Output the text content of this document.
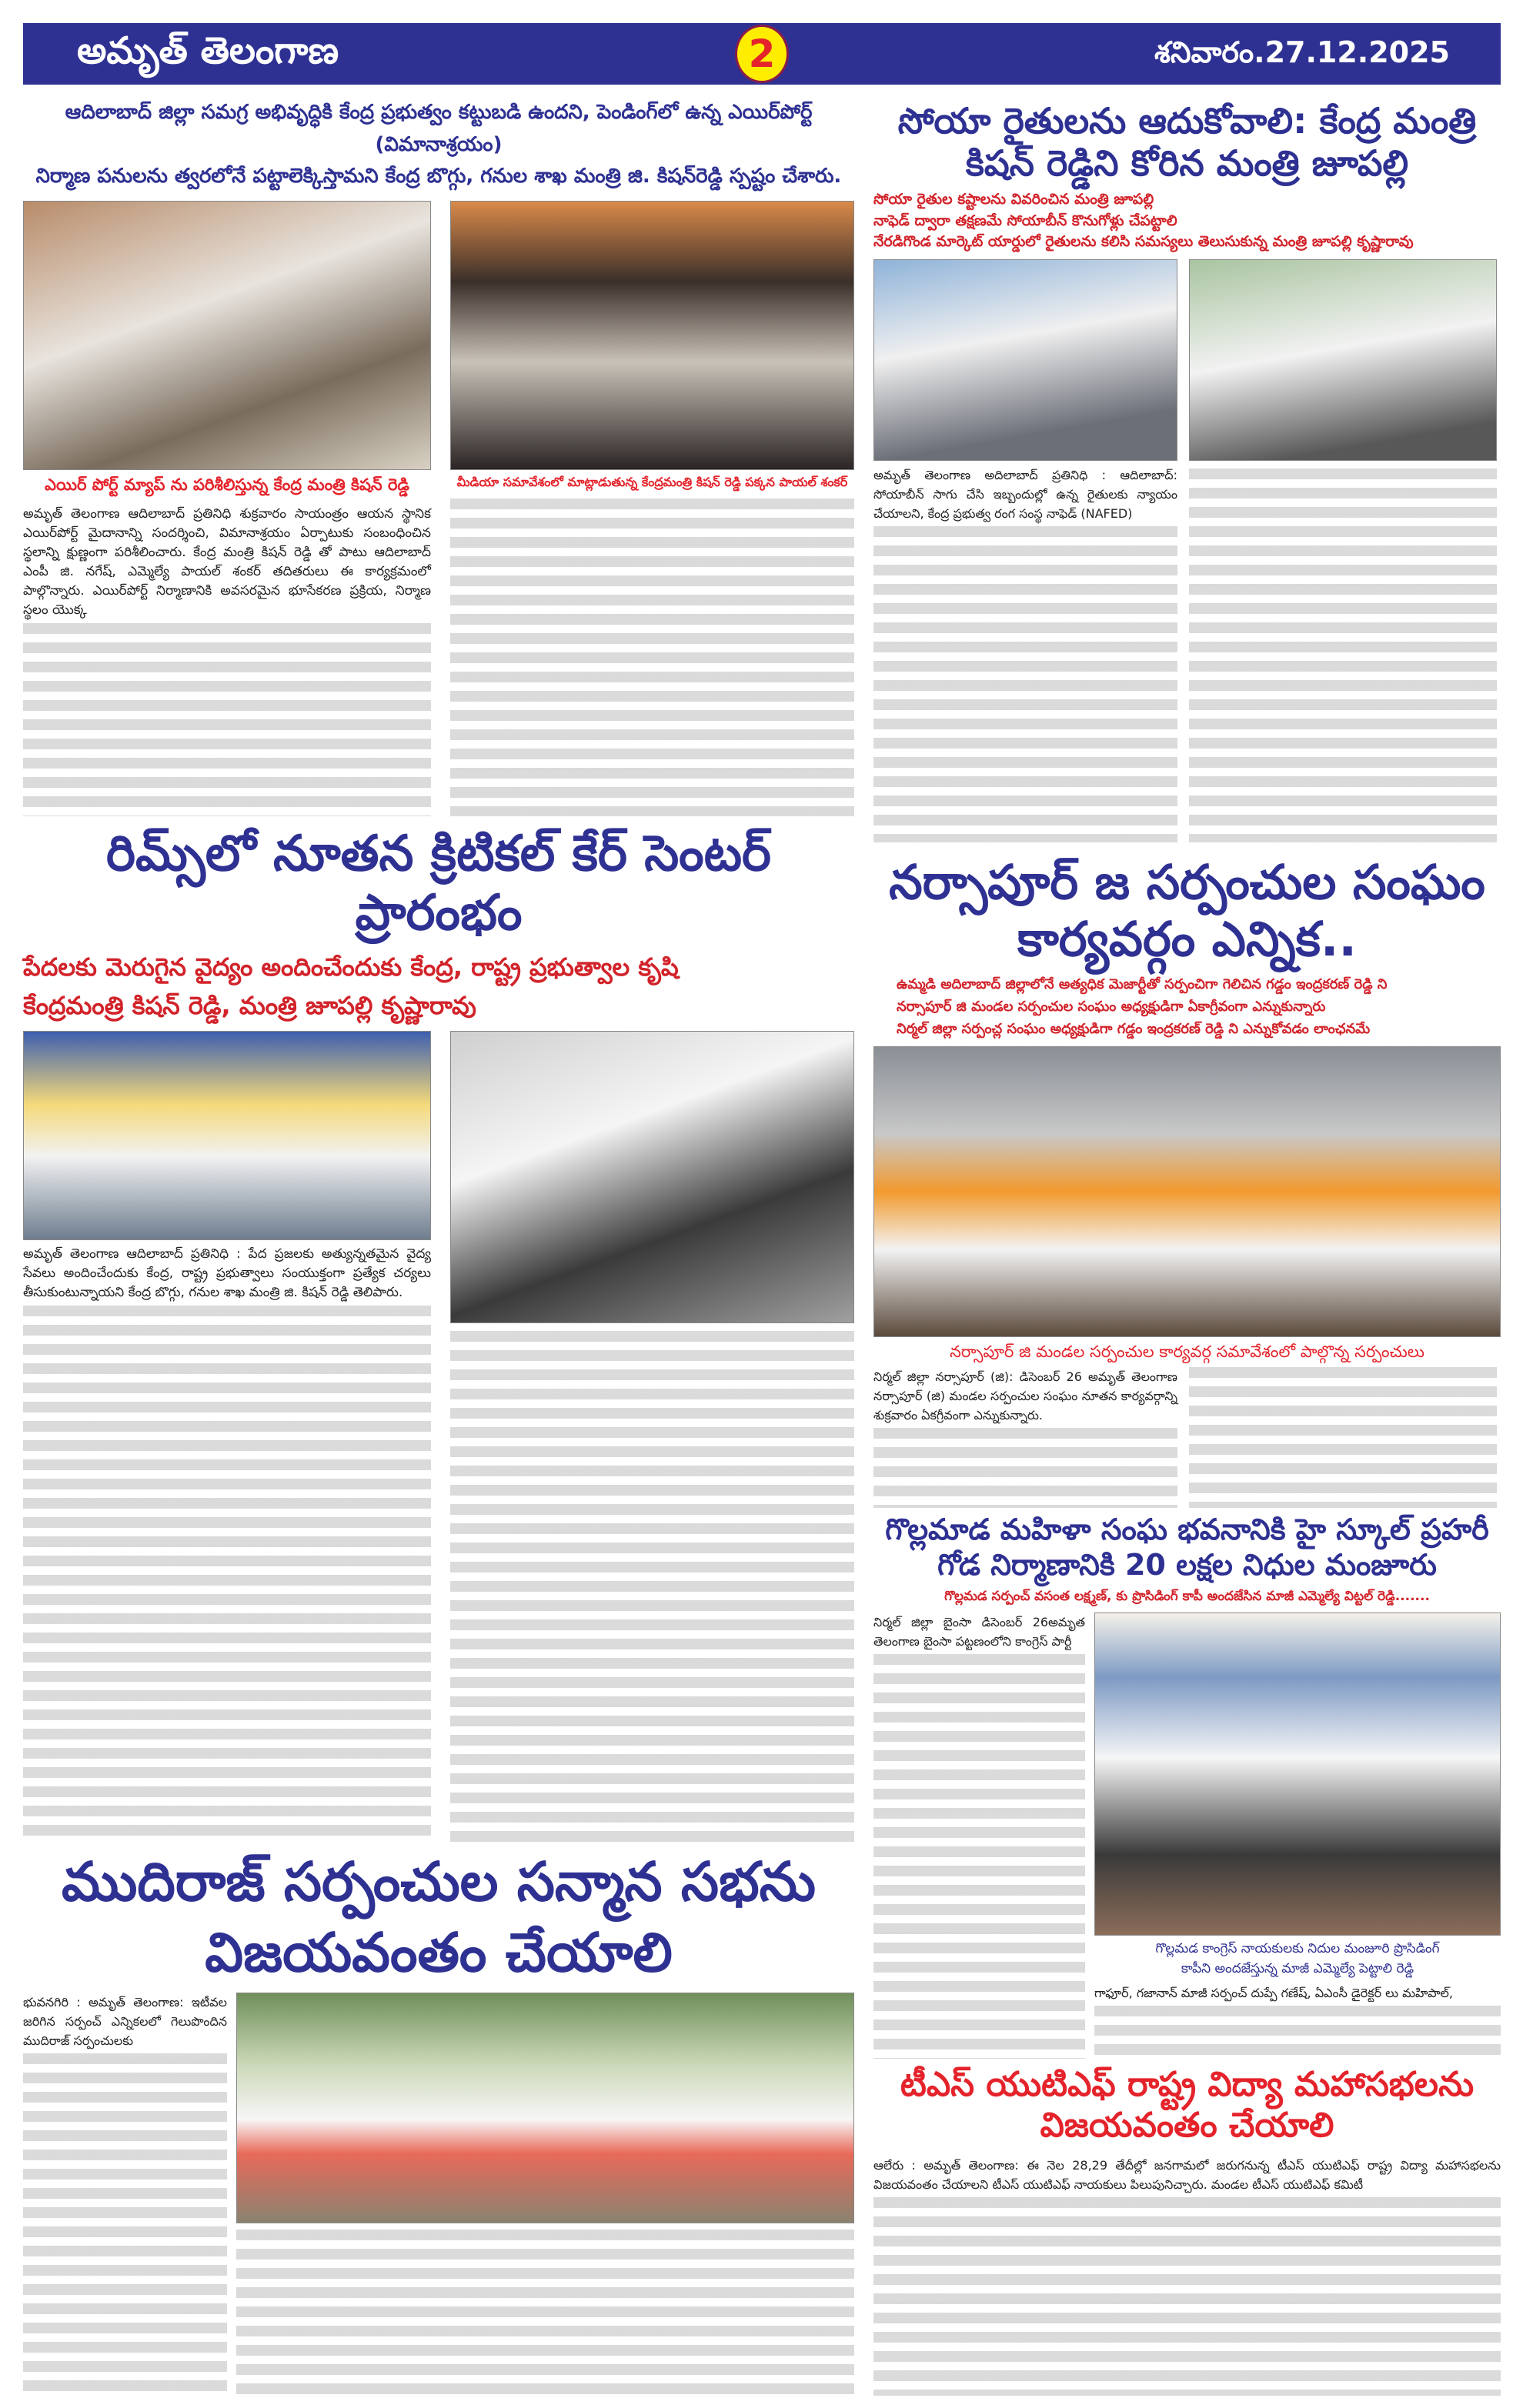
అమృత్ తెలంగాణ	2	శనివారం.27.12.2025
ఆదిలాబాద్ జిల్లా సమగ్ర అభివృద్ధికి కేంద్ర ప్రభుత్వం కట్టుబడి ఉందని, పెండింగ్‌లో ఉన్న ఎయిర్‌పోర్ట్ (విమానాశ్రయం)
నిర్మాణ పనులను త్వరలోనే పట్టాలెక్కిస్తామని కేంద్ర బొగ్గు, గనుల శాఖ మంత్రి జి. కిషన్‌రెడ్డి స్పష్టం చేశారు.
ఎయిర్ పోర్ట్ మ్యాప్ ను పరిశీలిస్తున్న కేంద్ర మంత్రి కిషన్ రెడ్డి
అమృత్ తెలంగాణ ఆదిలాబాద్ ప్రతినిధి శుక్రవారం సాయంత్రం ఆయన స్థానిక ఎయిర్‌పోర్ట్ మైదానాన్ని సందర్శించి, విమానాశ్రయం ఏర్పాటుకు సంబంధించిన స్థలాన్ని క్షుణ్ణంగా పరిశీలించారు. కేంద్ర మంత్రి కిషన్ రెడ్డి తో పాటు ఆదిలాబాద్ ఎంపీ జి. నగేష్, ఎమ్మెల్యే పాయల్ శంకర్ తదితరులు ఈ కార్యక్రమంలో పాల్గొన్నారు. ఎయిర్‌పోర్ట్ నిర్మాణానికి అవసరమైన భూసేకరణ ప్రక్రియ, నిర్మాణ స్థలం యొక్క
మీడియా సమావేశంలో మాట్లాడుతున్న కేంద్రమంత్రి కిషన్ రెడ్డి పక్కన పాయల్ శంకర్
సోయా రైతులను ఆదుకోవాలి: కేంద్ర మంత్రి కిషన్ రెడ్డిని కోరిన మంత్రి జూపల్లి
సోయా రైతుల కష్టాలను వివరించిన మంత్రి జూపల్లి
నాఫెడ్ ద్వారా తక్షణమే సోయాబీన్ కొనుగోళ్లు చేపట్టాలి
నేరడిగొండ మార్కెట్ యార్డులో రైతులను కలిసి సమస్యలు తెలుసుకున్న మంత్రి జూపల్లి కృష్ణారావు
అమృత్ తెలంగాణ అదిలాబాద్ ప్రతినిధి : ఆదిలాబాద్: సోయాబీన్ సాగు చేసి ఇబ్బందుల్లో ఉన్న రైతులకు న్యాయం చేయాలని, కేంద్ర ప్రభుత్వ రంగ సంస్థ నాఫెడ్ (NAFED)
రిమ్స్‌లో నూతన క్రిటికల్ కేర్ సెంటర్ ప్రారంభం
పేదలకు మెరుగైన వైద్యం అందించేందుకు కేంద్ర, రాష్ట్ర ప్రభుత్వాల కృషి
కేంద్రమంత్రి కిషన్ రెడ్డి, మంత్రి జూపల్లి కృష్ణారావు
అమృత్ తెలంగాణ ఆదిలాబాద్ ప్రతినిధి : పేద ప్రజలకు అత్యున్నతమైన వైద్య సేవలు అందించేందుకు కేంద్ర, రాష్ట్ర ప్రభుత్వాలు సంయుక్తంగా ప్రత్యేక చర్యలు తీసుకుంటున్నాయని కేంద్ర బొగ్గు, గనుల శాఖ మంత్రి జి. కిషన్ రెడ్డి తెలిపారు.
నర్సాపూర్ జ సర్పంచుల సంఘం కార్యవర్గం ఎన్నిక..
ఉమ్మడి అదిలాబాద్ జిల్లాలోనే అత్యధిక మెజార్టీతో సర్పంచిగా గెలిచిన గడ్డం ఇంద్రకరణ్ రెడ్డి ని
నర్సాపూర్ జి మండల సర్పంచుల సంఘం అధ్యక్షుడిగా ఏకాగ్రీవంగా ఎన్నుకున్నారు
నిర్మల్ జిల్లా సర్పంచ్ల సంఘం అధ్యక్షుడిగా గడ్డం ఇంద్రకరణ్ రెడ్డి ని ఎన్నుకోవడం లాంఛనమే
నర్సాపూర్ జి మండల సర్పంచుల కార్యవర్గ సమావేశంలో పాల్గొన్న సర్పంచులు
నిర్మల్ జిల్లా నర్సాపూర్ (జి): డిసెంబర్ 26 అమృత్ తెలంగాణ నర్సాపూర్ (జి) మండల సర్పంచుల సంఘం నూతన కార్యవర్గాన్ని శుక్రవారం ఏకగ్రీవంగా ఎన్నుకున్నారు.
గొల్లమాడ మహిళా సంఘ భవనానికి హై స్కూల్ ప్రహరీ గోడ నిర్మాణానికి 20 లక్షల నిధుల మంజూరు
గొల్లమడ సర్పంచ్ వసంత లక్ష్మణ్, కు ప్రొసిడింగ్ కాపీ అందజేసిన మాజీ ఎమ్మెల్యే విట్టల్ రెడ్డి.......
నిర్మల్ జిల్లా బైంసా డిసెంబర్ 26అమృత తెలంగాణ బైంసా పట్టణంలోని కాంగ్రెస్ పార్టీ
గొల్లమడ కాంగ్రెస్ నాయకులకు నిదుల మంజూరి ప్రొసిడింగ్
కాపీని అందజేస్తున్న మాజీ ఎమ్మెల్యే పెట్టాలి రెడ్డి
గాఫూర్, గజానాన్ మాజీ సర్పంచ్ దుప్పే గణేష్, ఏఎంసీ డైరెక్టర్ లు మహిపాల్,
ముదిరాజ్ సర్పంచుల సన్మాన సభను విజయవంతం చేయాలి
భువనగిరి : అమృత్ తెలంగాణ: ఇటీవల జరిగిన సర్పంచ్ ఎన్నికలలో గెలుపొందిన ముదిరాజ్ సర్పంచులకు
టీఎస్ యుటిఎఫ్ రాష్ట్ర విద్యా మహాసభలను విజయవంతం చేయాలి
ఆలేరు : అమృత్ తెలంగాణ: ఈ నెల 28,29 తేదీల్లో జనగామలో జరుగనున్న టీఎస్ యుటిఎఫ్ రాష్ట్ర విద్యా మహాసభలను విజయవంతం చేయాలని టీఎస్ యుటిఎఫ్ నాయకులు పిలుపునిచ్చారు. మండల టీఎస్ యుటిఎఫ్ కమిటీ
